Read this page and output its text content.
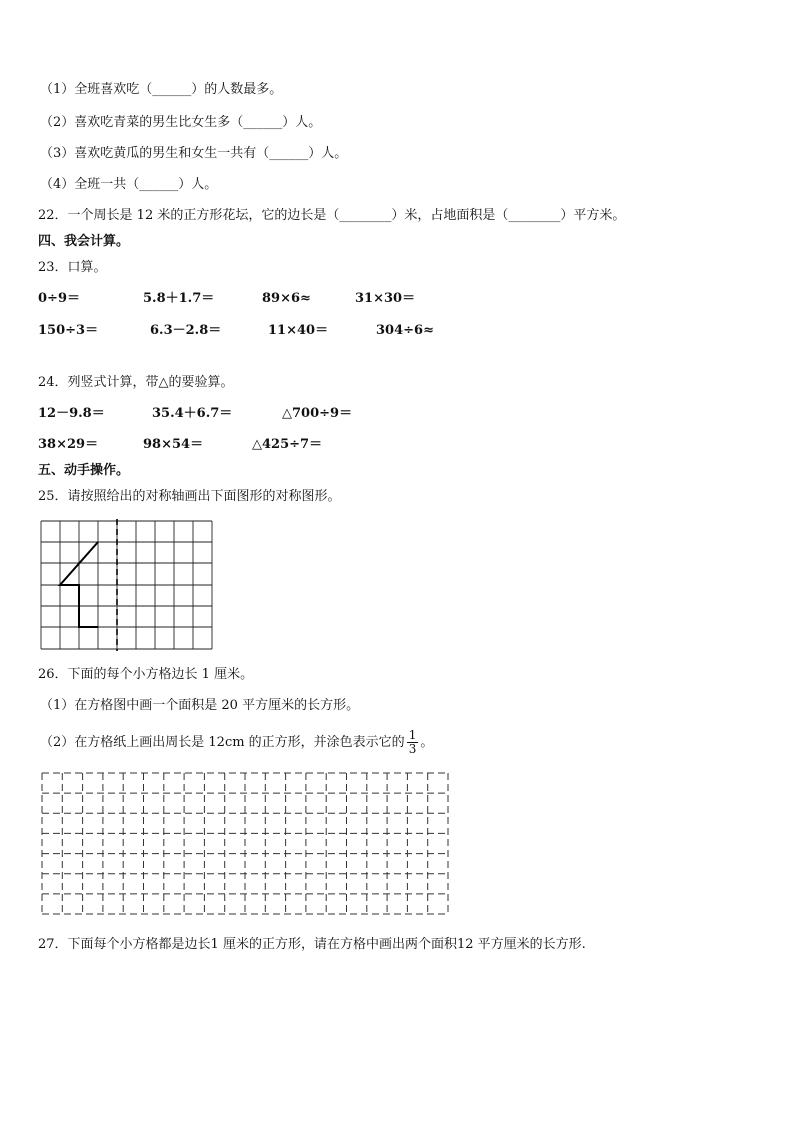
（1）全班喜欢吃（______）的人数最多。
（2）喜欢吃青菜的男生比女生多（______）人。
（3）喜欢吃黄瓜的男生和女生一共有（______）人。
（4）全班一共（______）人。
22．一个周长是 12 米的正方形花坛，它的边长是（________）米，占地面积是（________）平方米。
四、我会计算。
23．口算。
0÷9＝	5.8＋1.7＝	89×6≈	31×30＝
150÷3＝	6.3－2.8＝	11×40＝	304÷6≈
24．列竖式计算，带△的要验算。
12－9.8＝	35.4＋6.7＝	△700÷9＝
38×29＝	98×54＝	△425÷7＝
五、动手操作。
25．请按照给出的对称轴画出下面图形的对称图形。
26．下面的每个小方格边长 1 厘米。
（1）在方格图中画一个面积是 20 平方厘米的长方形。
（2）在方格纸上画出周长是 12cm 的正方形，并涂色表示它的 $\frac{1}{3}$ 。
27．下面每个小方格都是边长1 厘米的正方形，请在方格中画出两个面积12 平方厘米的长方形.
